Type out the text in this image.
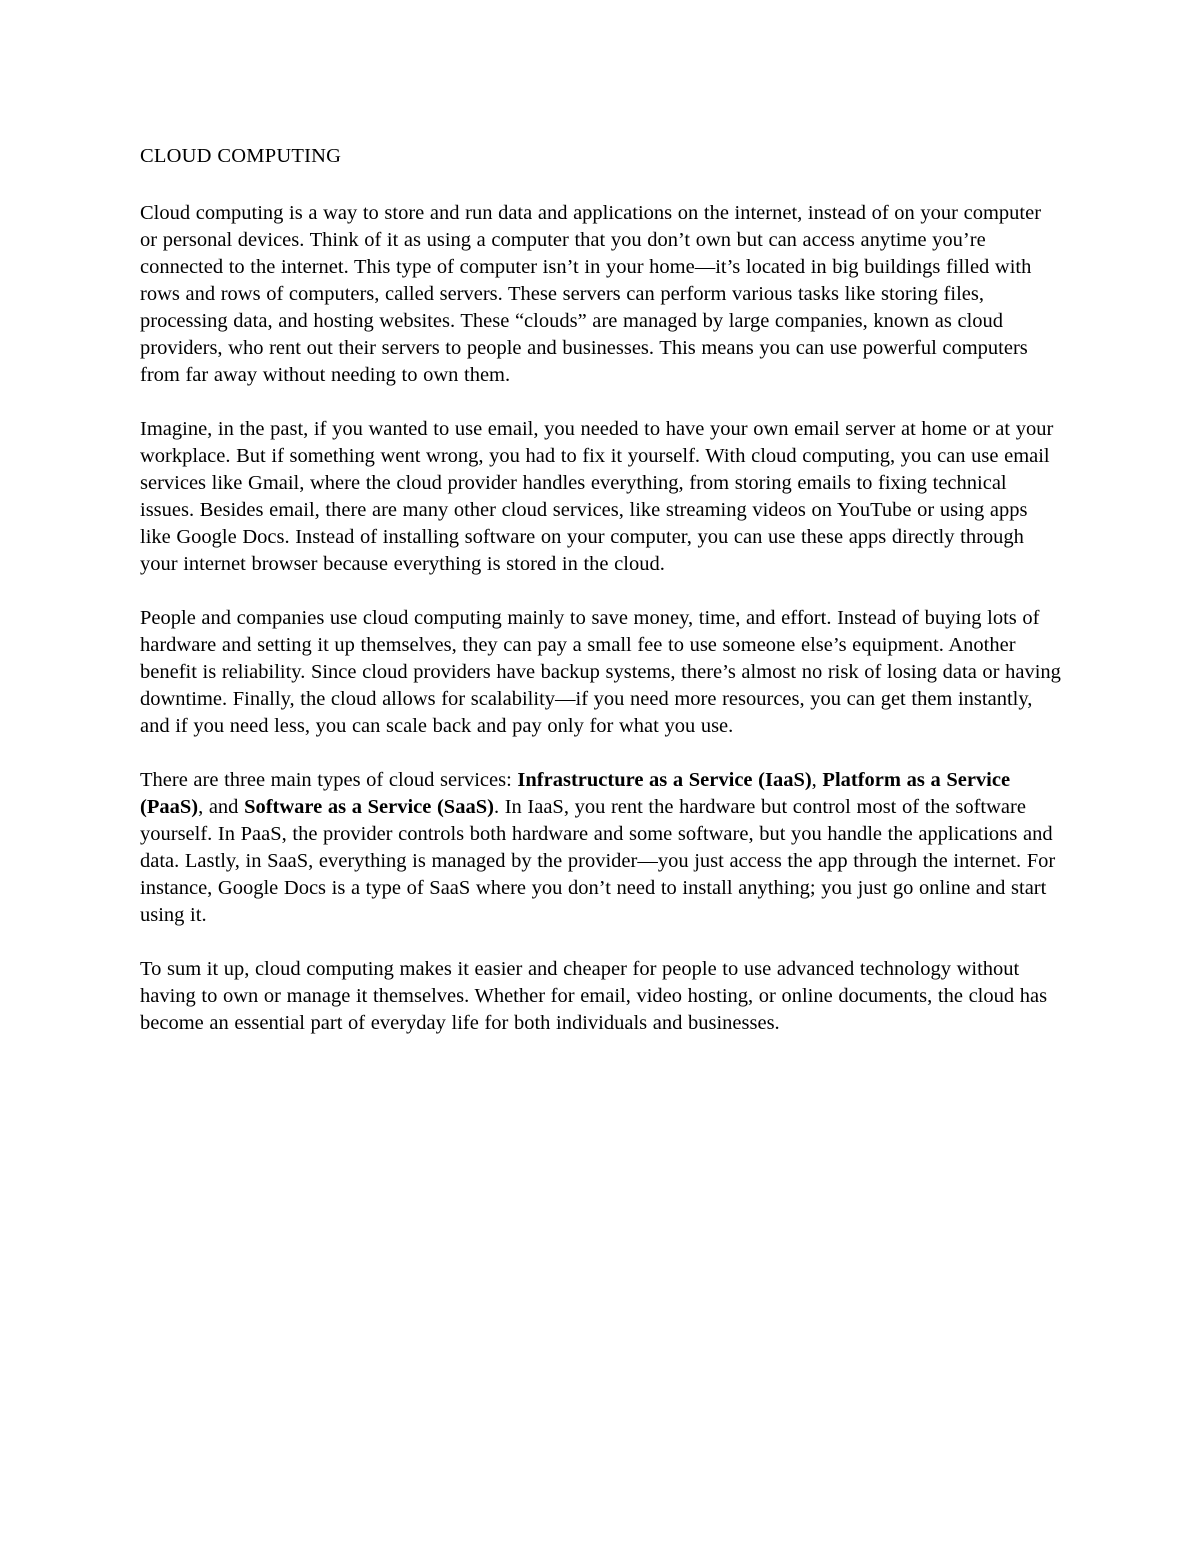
CLOUD COMPUTING

Cloud computing is a way to store and run data and applications on the internet, instead of on your computer or personal devices. Think of it as using a computer that you don’t own but can access anytime you’re connected to the internet. This type of computer isn’t in your home—it’s located in big buildings filled with rows and rows of computers, called servers. These servers can perform various tasks like storing files, processing data, and hosting websites. These “clouds” are managed by large companies, known as cloud providers, who rent out their servers to people and businesses. This means you can use powerful computers from far away without needing to own them.

Imagine, in the past, if you wanted to use email, you needed to have your own email server at home or at your workplace. But if something went wrong, you had to fix it yourself. With cloud computing, you can use email services like Gmail, where the cloud provider handles everything, from storing emails to fixing technical issues. Besides email, there are many other cloud services, like streaming videos on YouTube or using apps like Google Docs. Instead of installing software on your computer, you can use these apps directly through your internet browser because everything is stored in the cloud.

People and companies use cloud computing mainly to save money, time, and effort. Instead of buying lots of hardware and setting it up themselves, they can pay a small fee to use someone else’s equipment. Another benefit is reliability. Since cloud providers have backup systems, there’s almost no risk of losing data or having downtime. Finally, the cloud allows for scalability—if you need more resources, you can get them instantly, and if you need less, you can scale back and pay only for what you use.

There are three main types of cloud services: Infrastructure as a Service (IaaS), Platform as a Service (PaaS), and Software as a Service (SaaS). In IaaS, you rent the hardware but control most of the software yourself. In PaaS, the provider controls both hardware and some software, but you handle the applications and data. Lastly, in SaaS, everything is managed by the provider—you just access the app through the internet. For instance, Google Docs is a type of SaaS where you don’t need to install anything; you just go online and start using it.

To sum it up, cloud computing makes it easier and cheaper for people to use advanced technology without having to own or manage it themselves. Whether for email, video hosting, or online documents, the cloud has become an essential part of everyday life for both individuals and businesses.
